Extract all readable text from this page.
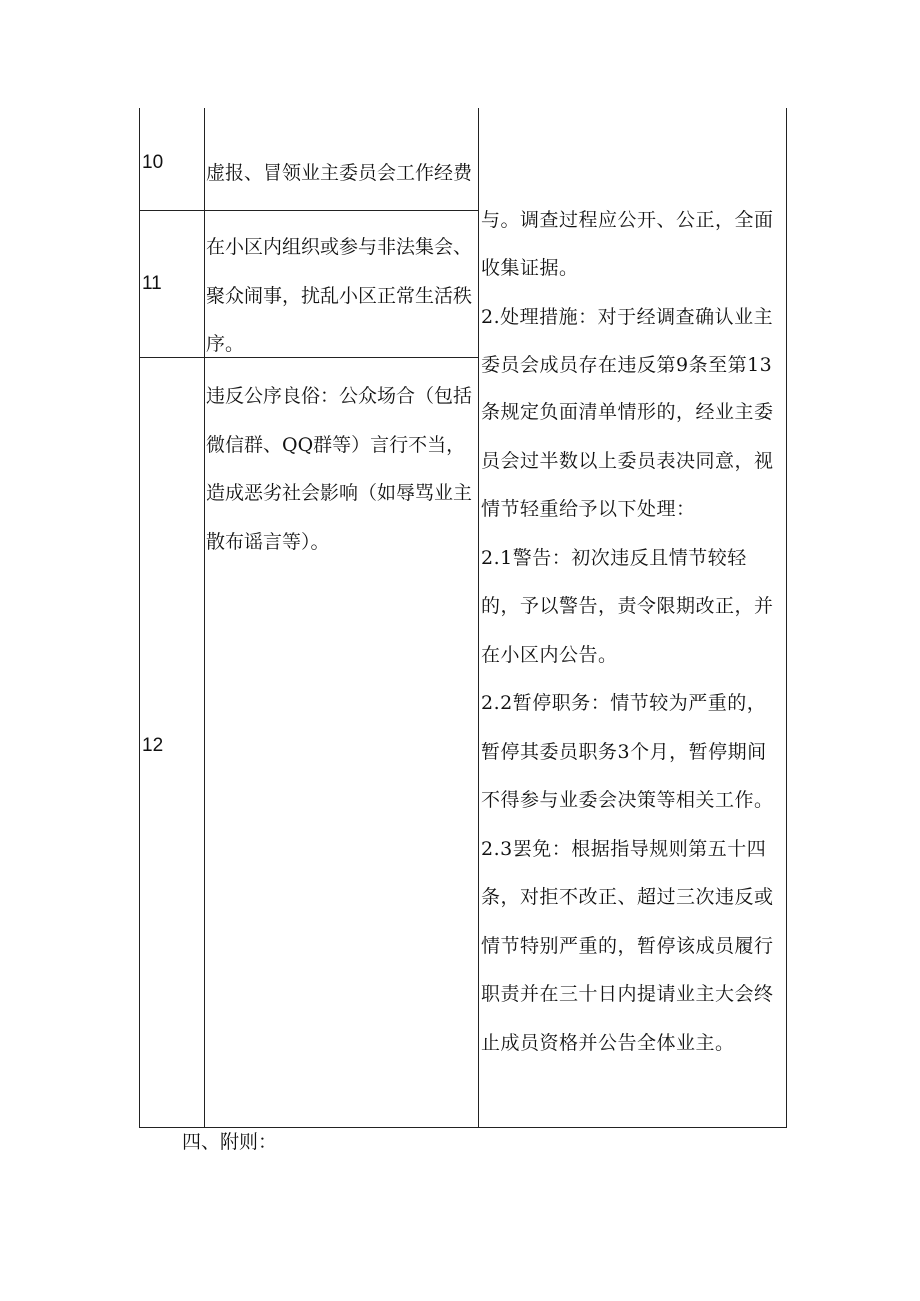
10 虚报、冒领业主委员会工作经费
11
在小区内组织或参与非法集会、
聚众闹事，扰乱小区正常生活秩
序。
12
违反公序良俗：公众场合（包括
微信群、QQ群等）言行不当，
造成恶劣社会影响（如辱骂业主
散布谣言等）。
与。调查过程应公开、公正，全面
收集证据。
2.处理措施：对于经调查确认业主
委员会成员存在违反第9条至第13
条规定负面清单情形的，经业主委
员会过半数以上委员表决同意，视
情节轻重给予以下处理：
2.1警告：初次违反且情节较轻
的，予以警告，责令限期改正，并
在小区内公告。
2.2暂停职务：情节较为严重的，
暂停其委员职务3个月，暂停期间
不得参与业委会决策等相关工作。
2.3罢免：根据指导规则第五十四
条，对拒不改正、超过三次违反或
情节特别严重的，暂停该成员履行
职责并在三十日内提请业主大会终
止成员资格并公告全体业主。
四、附则：
